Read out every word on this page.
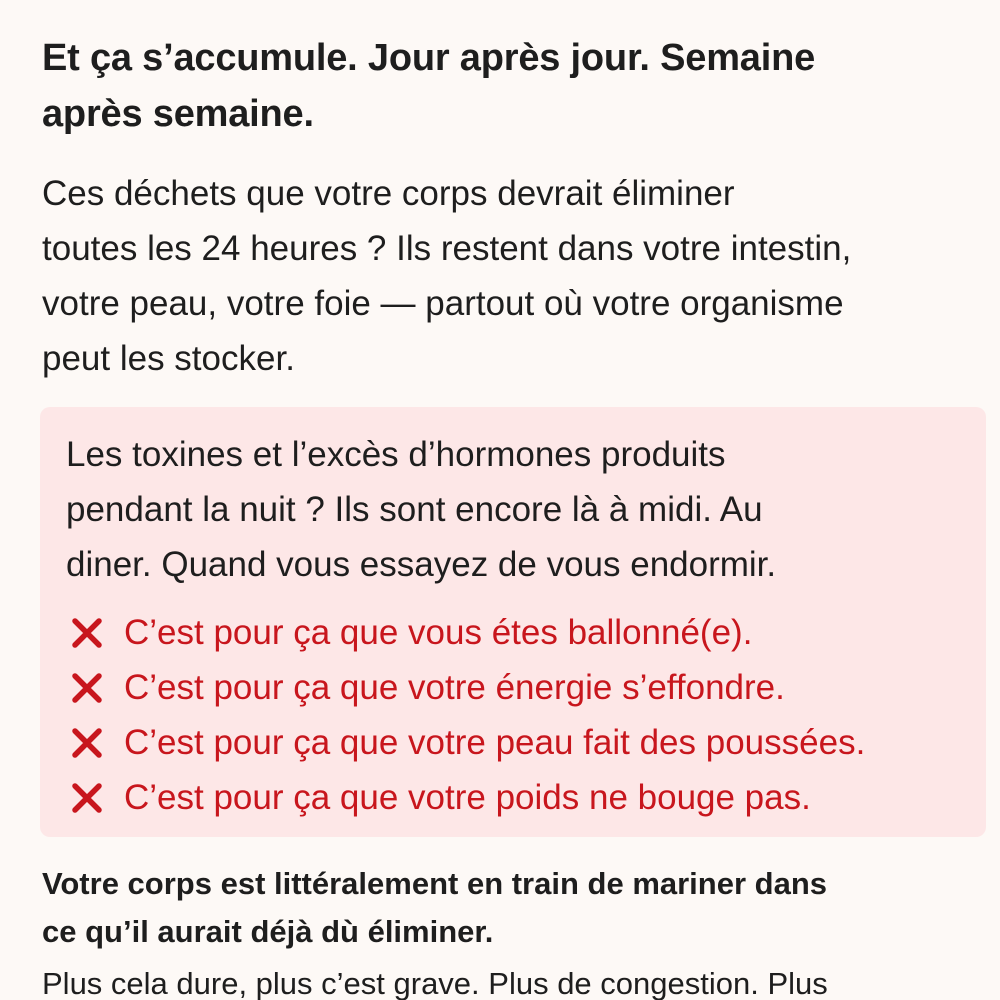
Et ça s’accumule. Jour après jour. Semaine
après semaine.

Ces déchets que votre corps devrait éliminer
toutes les 24 heures ? Ils restent dans votre intestin,
votre peau, votre foie — partout où votre organisme
peut les stocker.

Les toxines et l’excès d’hormones produits
pendant la nuit ? Ils sont encore là à midi. Au
diner. Quand vous essayez de vous endormir.

C’est pour ça que vous étes ballonné(e).
C’est pour ça que votre énergie s’effondre.
C’est pour ça que votre peau fait des poussées.
C’est pour ça que votre poids ne bouge pas.

Votre corps est littéralement en train de mariner dans
ce qu’il aurait déjà dù éliminer.

Plus cela dure, plus c’est grave. Plus de congestion. Plus
